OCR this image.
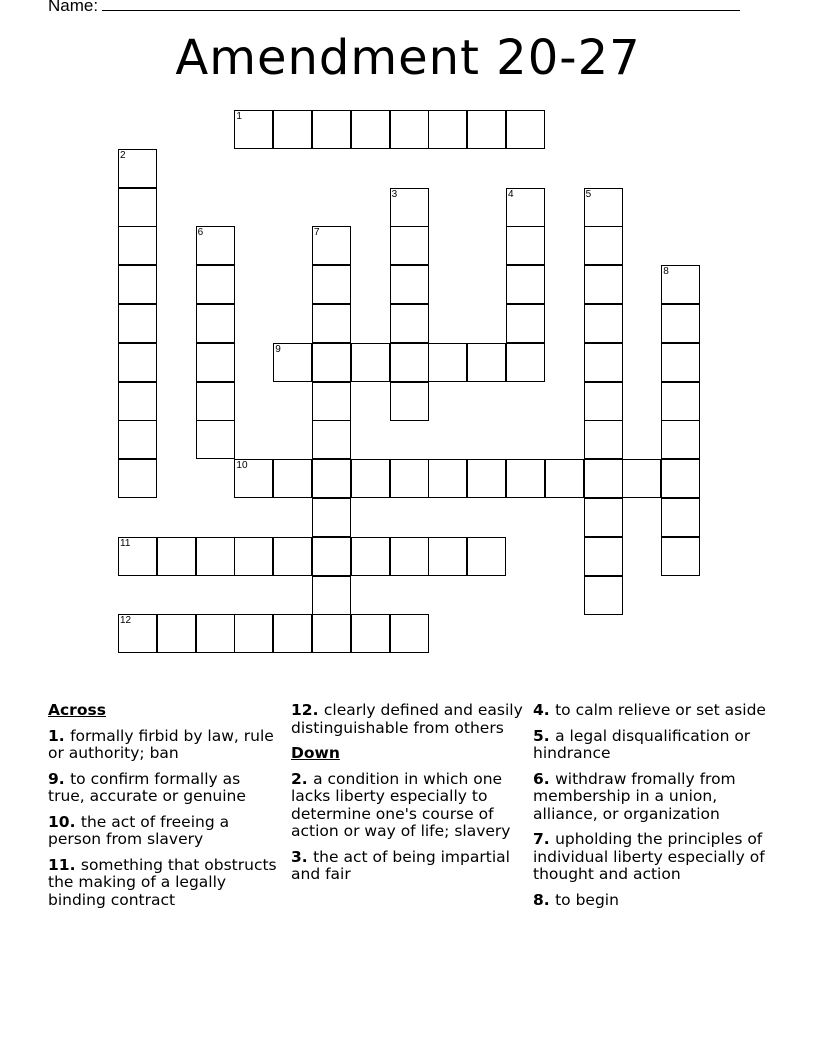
Name:
Amendment 20-27
1
2
3	4	5
6	7
8
9
10
11
12

Across

1. formally firbid by law, rule or authority; ban

9. to confirm formally as true, accurate or genuine

10. the act of freeing a person from slavery

11. something that obstructs the making of a legally binding contract

12. clearly defined and easily distinguishable from others

Down

2. a condition in which one lacks liberty especially to determine one's course of action or way of life; slavery

3. the act of being impartial and fair

4. to calm relieve or set aside

5. a legal disqualification or hindrance

6. withdraw fromally from membership in a union, alliance, or organization

7. upholding the principles of individual liberty especially of thought and action

8. to begin
